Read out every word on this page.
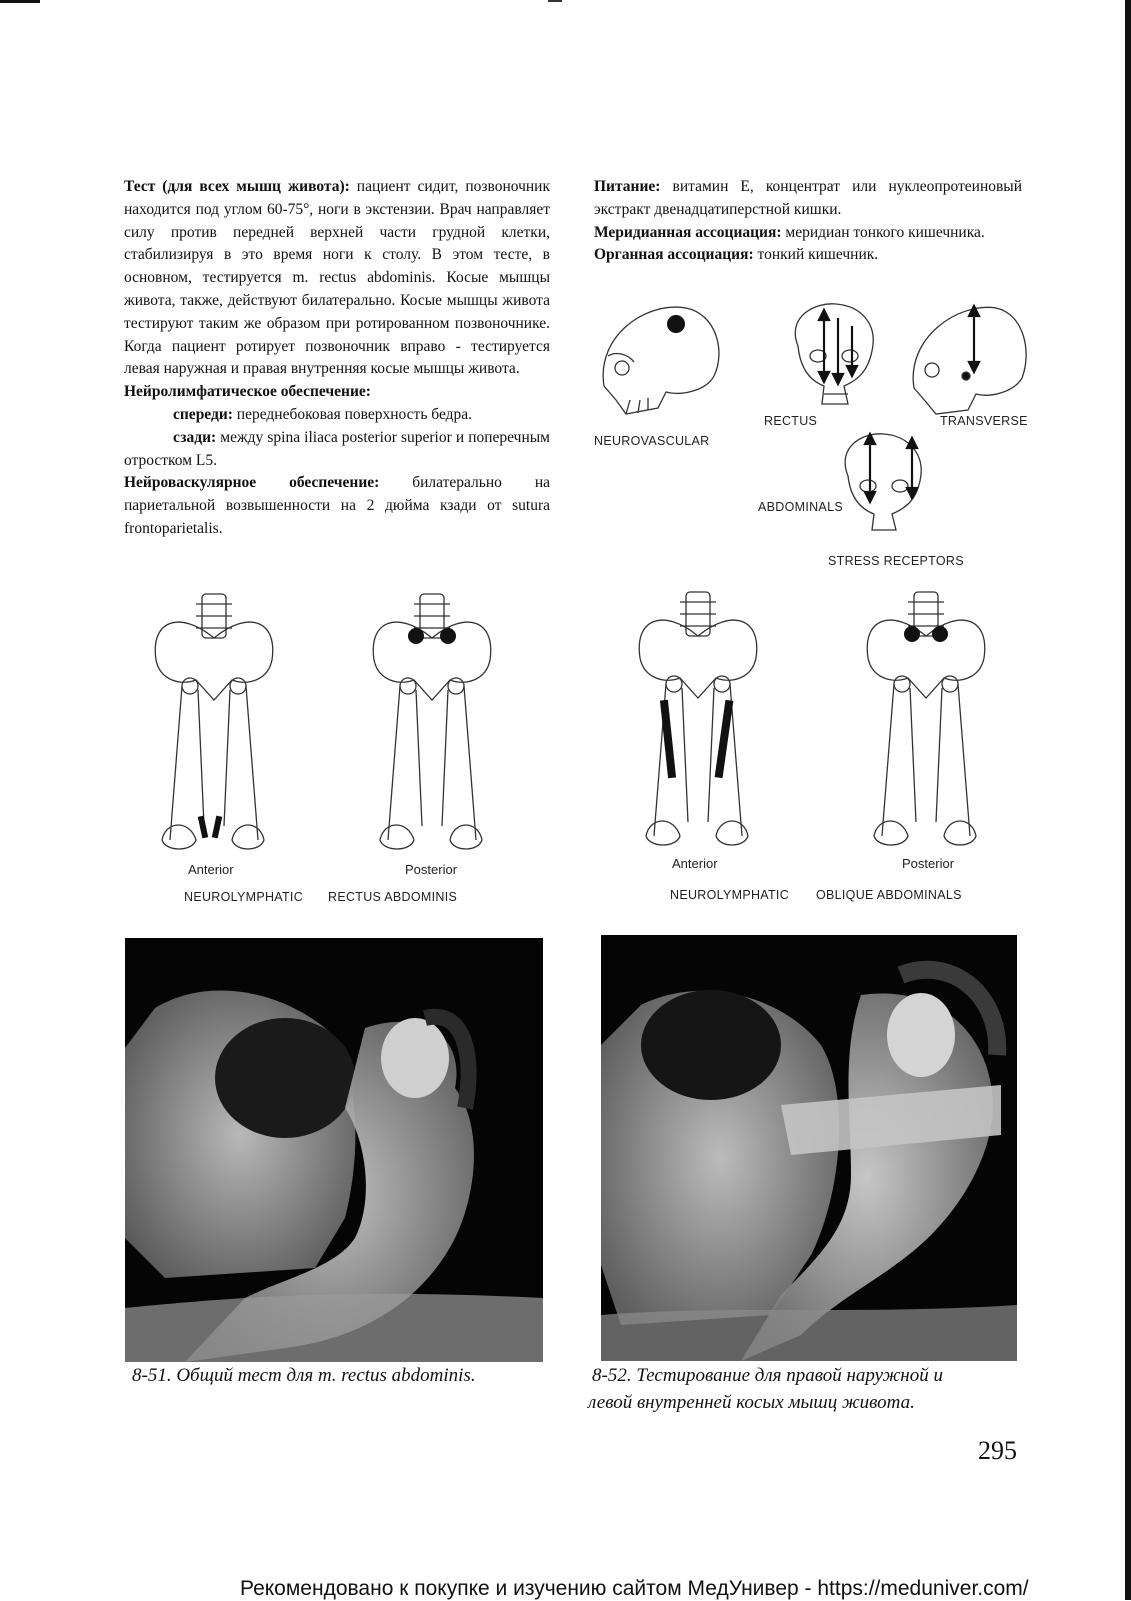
Тест (для всех мышц живота): пациент сидит, позвоночник находится под углом 60-75°, ноги в экстензии. Врач направляет силу против передней верхней части грудной клетки, стабилизируя в это время ноги к столу. В этом тесте, в основном, тестируется m. rectus abdominis. Косые мышцы живота, также, действуют билатерально. Косые мышцы живота тестируют таким же образом при ротированном позвоночнике. Когда пациент ротирует позвоночник вправо - тестируется левая наружная и правая внутренняя косые мышцы живота.

Нейролимфатическое обеспечение:

спереди: переднебоковая поверхность бедра.

сзади: между spina iliaca posterior superior и поперечным отростком L5.

Нейроваскулярное обеспечение: билатерально на париетальной возвышенности на 2 дюйма кзади от sutura frontoparietalis.

Питание: витамин Е, концентрат или нуклеопротеиновый экстракт двенадцатиперстной кишки.

Меридианная ассоциация: меридиан тонкого кишечника.

Органная ассоциация: тонкий кишечник.

NEUROVASCULAR
RECTUS	TRANSVERSE
ABDOMINALS
STRESS RECEPTORS
Anterior	Posterior
NEUROLYMPHATIC RECTUS ABDOMINIS
Anterior	Posterior
NEUROLYMPHATIC OBLIQUE ABDOMINALS
8-51. Общий тест для m. rectus abdominis.	8-52. Тестирование для правой наружной и
левой внутренней косых мышц живота.
295
Рекомендовано к покупке и изучению сайтом МедУнивер - https://meduniver.com/
